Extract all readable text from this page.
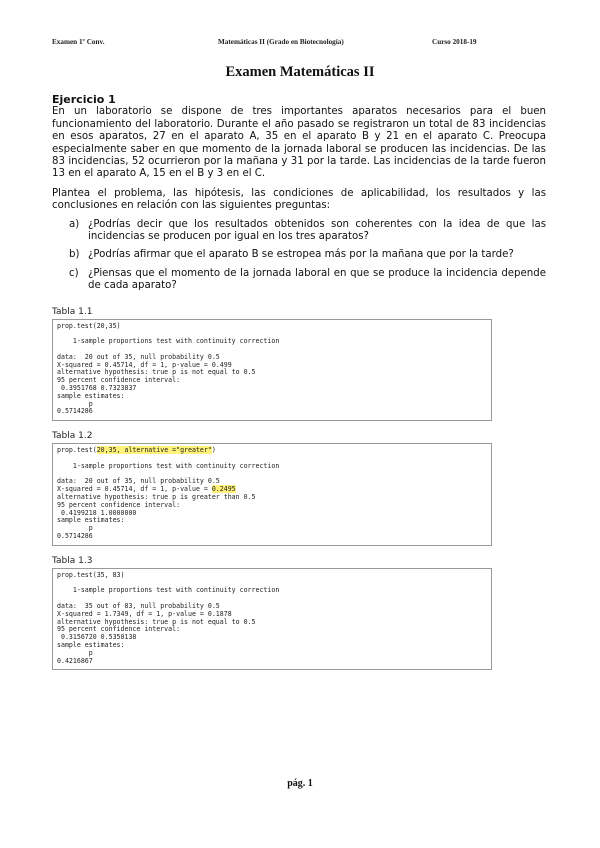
Examen 1º Conv.	Matemáticas II (Grado en Biotecnología)	Curso 2018-19
Examen Matemáticas II
Ejercicio 1

En un laboratorio se dispone de tres importantes aparatos necesarios para el buen funcionamiento del laboratorio. Durante el año pasado se registraron un total de 83 incidencias en esos aparatos, 27 en el aparato A, 35 en el aparato B y 21 en el aparato C. Preocupa especialmente saber en que momento de la jornada laboral se producen las incidencias. De las 83 incidencias, 52 ocurrieron por la mañana y 31 por la tarde. Las incidencias de la tarde fueron 13 en el aparato A, 15 en el B y 3 en el C.

Plantea el problema, las hipótesis, las condiciones de aplicabilidad, los resultados y las conclusiones en relación con las siguientes preguntas:

a) ¿Podrías decir que los resultados obtenidos son coherentes con la idea de que las incidencias se producen por igual en los tres aparatos?
b) ¿Podrías afirmar que el aparato B se estropea más por la mañana que por la tarde?
c) ¿Piensas que el momento de la jornada laboral en que se produce la incidencia depende de cada aparato?
Tabla 1.1
prop.test(20,35)
1-sample proportions test with continuity correction
data:  20 out of 35, null probability 0.5
X-squared = 0.45714, df = 1, p-value = 0.499
alternative hypothesis: true p is not equal to 0.5
95 percent confidence interval:
0.3951768 0.7323837
sample estimates:
p
0.5714286
Tabla 1.2
prop.test(20,35, alternative ="greater")
1-sample proportions test with continuity correction
data:  20 out of 35, null probability 0.5
X-squared = 0.45714, df = 1, p-value = 0.2495
alternative hypothesis: true p is greater than 0.5
95 percent confidence interval:
0.4199218 1.0000000
sample estimates:
p
0.5714286
Tabla 1.3
prop.test(35, 83)
1-sample proportions test with continuity correction
data:  35 out of 83, null probability 0.5
X-squared = 1.7349, df = 1, p-value = 0.1878
alternative hypothesis: true p is not equal to 0.5
95 percent confidence interval:
0.3156720 0.5350138
sample estimates:
p
0.4216867
pág. 1
